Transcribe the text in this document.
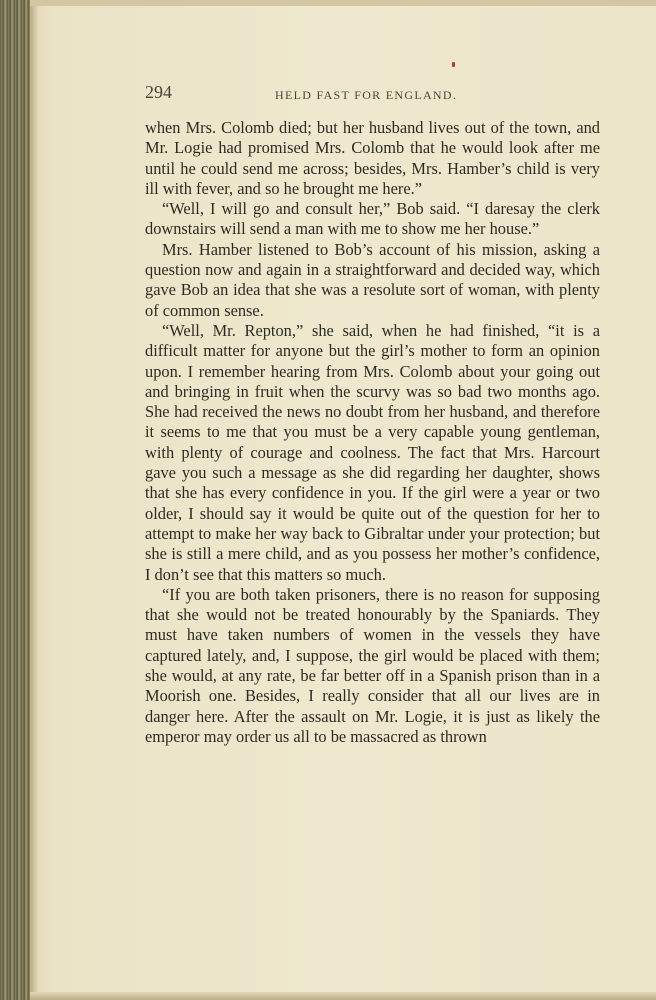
294	HELD FAST FOR ENGLAND.

when Mrs. Colomb died; but her husband lives out of the town, and Mr. Logie had promised Mrs. Colomb that he would look after me until he could send me across; besides, Mrs. Hamber’s child is very ill with fever, and so he brought me here.”

“Well, I will go and consult her,” Bob said. “I daresay the clerk downstairs will send a man with me to show me her house.”

Mrs. Hamber listened to Bob’s account of his mission, asking a question now and again in a straightforward and decided way, which gave Bob an idea that she was a resolute sort of woman, with plenty of common sense.

“Well, Mr. Repton,” she said, when he had finished, “it is a difficult matter for anyone but the girl’s mother to form an opinion upon. I remember hearing from Mrs. Colomb about your going out and bringing in fruit when the scurvy was so bad two months ago. She had received the news no doubt from her husband, and therefore it seems to me that you must be a very capable young gentleman, with plenty of courage and coolness. The fact that Mrs. Harcourt gave you such a message as she did regarding her daughter, shows that she has every confidence in you. If the girl were a year or two older, I should say it would be quite out of the question for her to attempt to make her way back to Gibraltar under your protection; but she is still a mere child, and as you possess her mother’s confidence, I don’t see that this matters so much.

“If you are both taken prisoners, there is no reason for supposing that she would not be treated honourably by the Spaniards. They must have taken numbers of women in the vessels they have captured lately, and, I suppose, the girl would be placed with them; she would, at any rate, be far better off in a Spanish prison than in a Moorish one. Besides, I really consider that all our lives are in danger here. After the assault on Mr. Logie, it is just as likely the emperor may order us all to be massacred as thrown
